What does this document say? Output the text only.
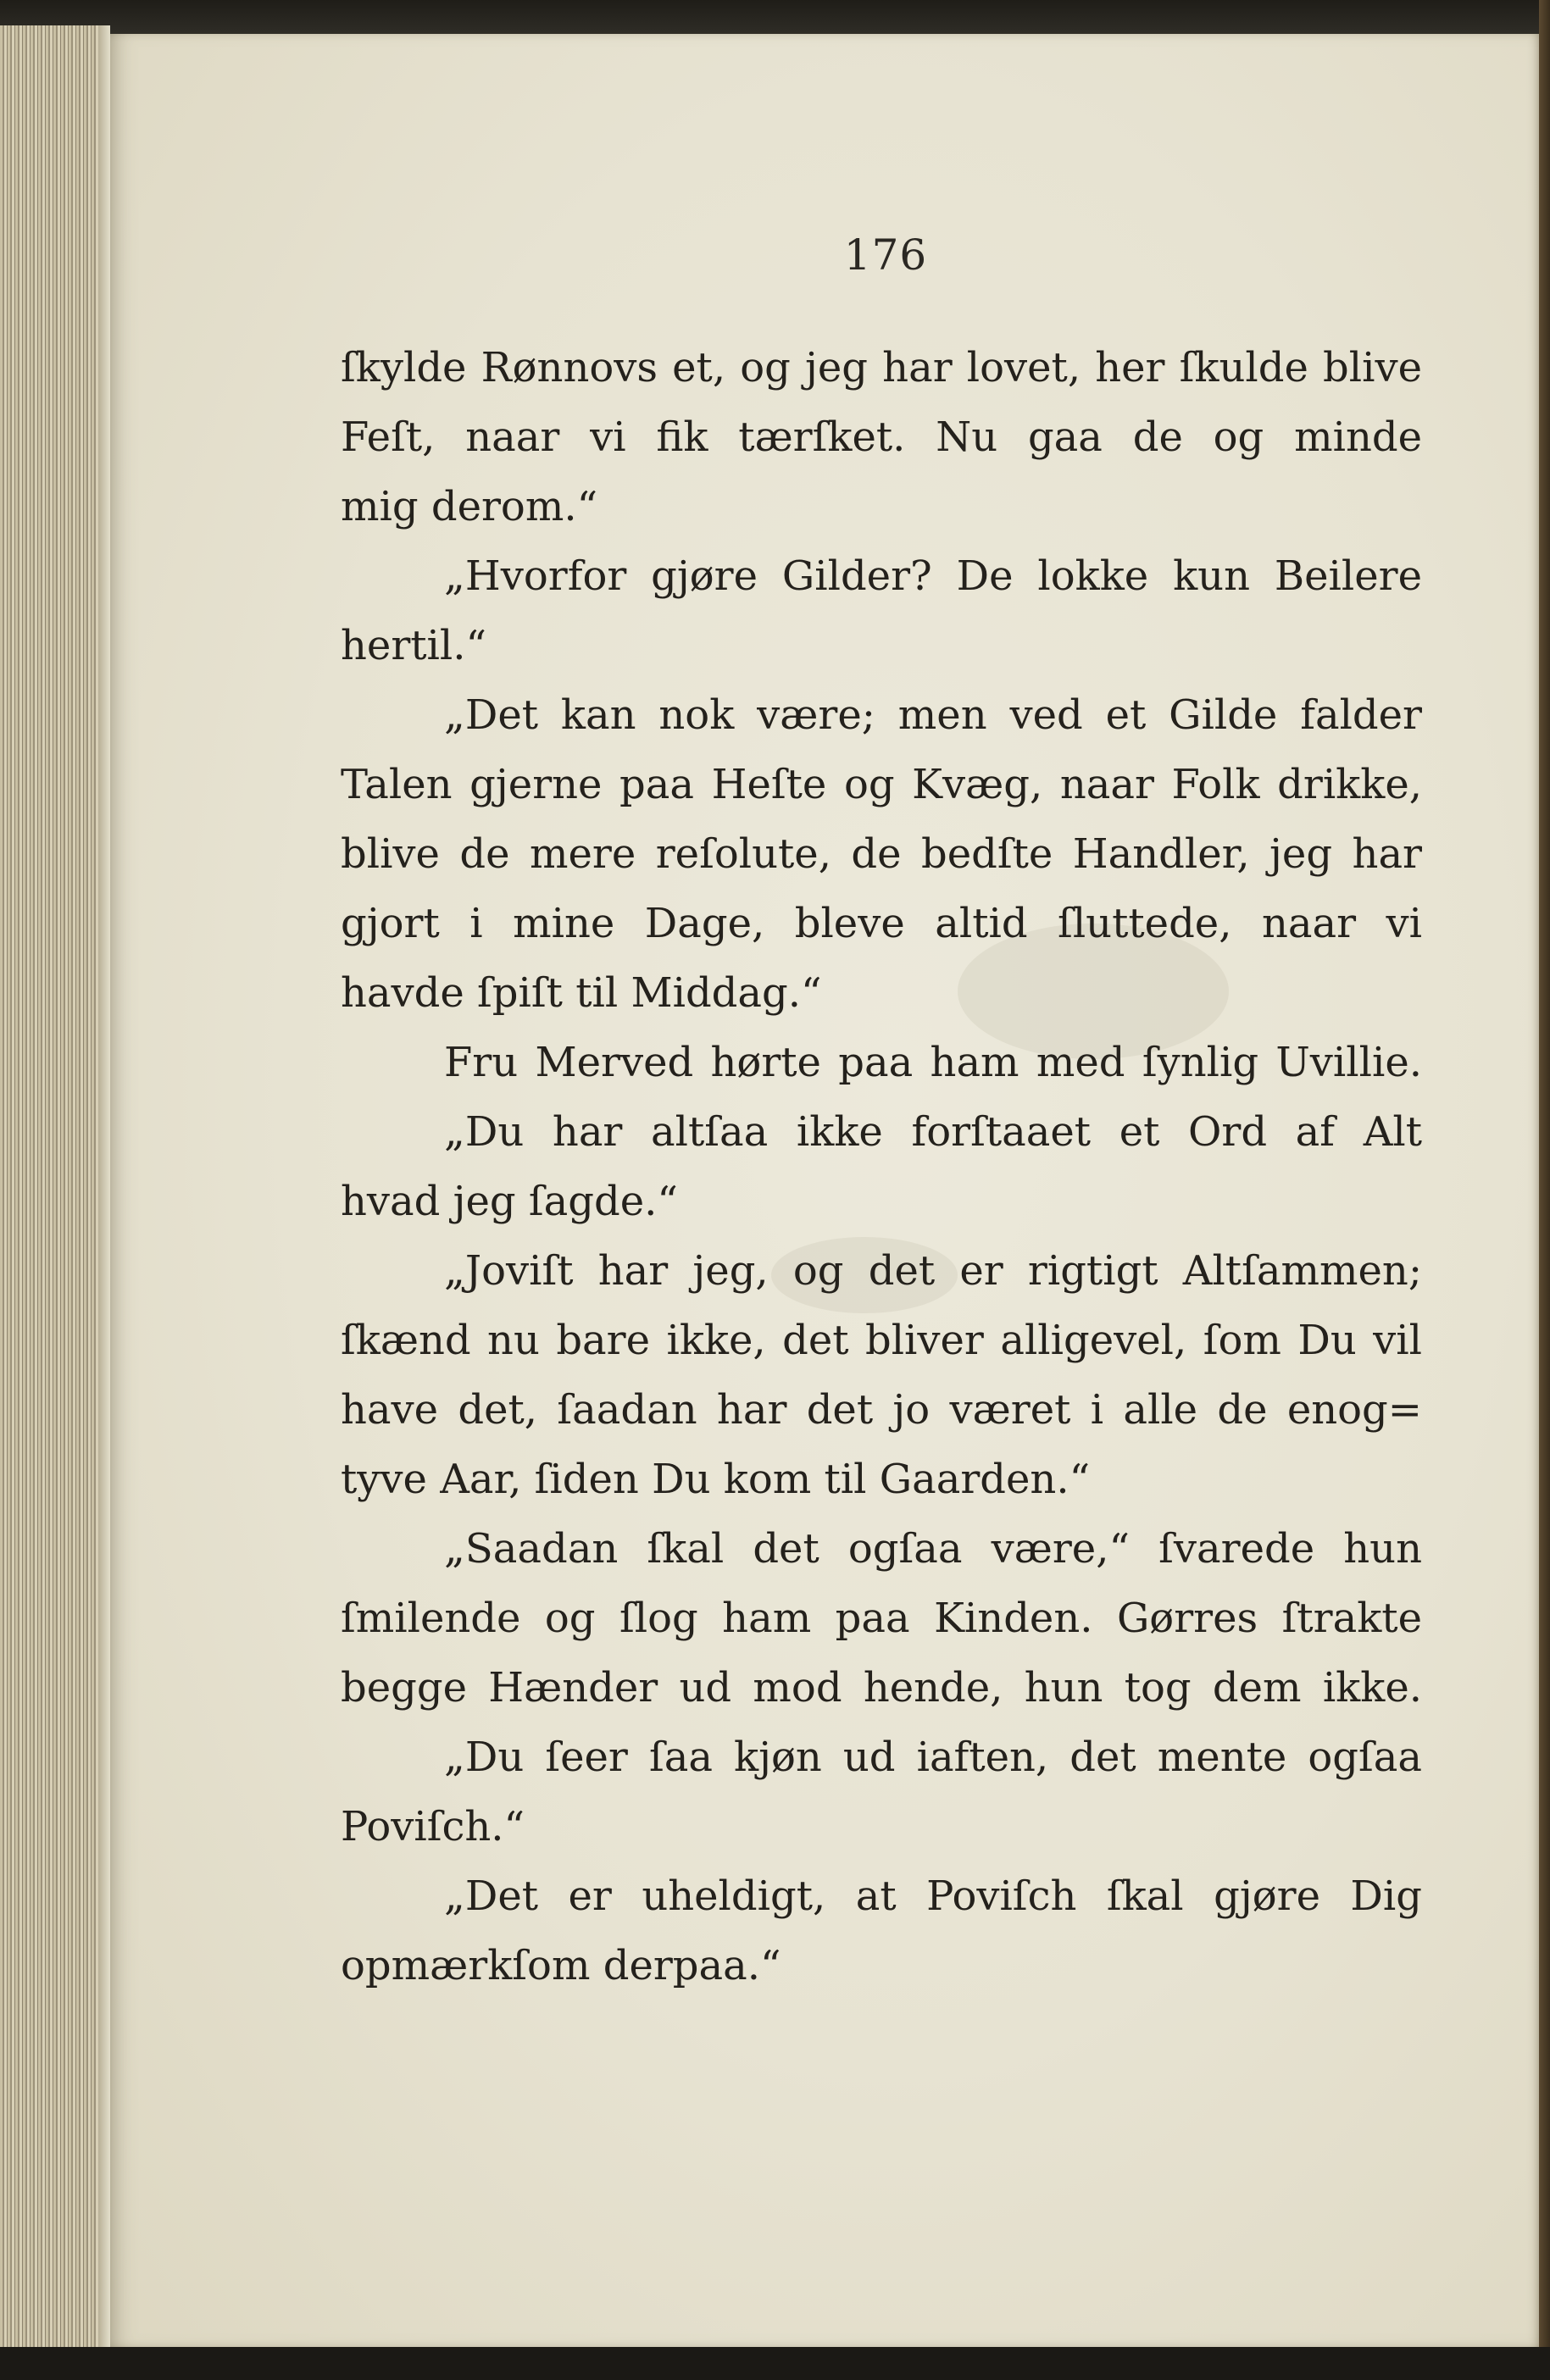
176
ſkylde Rønnovs et, og jeg har lovet, her ſkulde blive
Feſt, naar vi fik tærſket. Nu gaa de og minde
mig derom.“
„Hvorfor gjøre Gilder? De lokke kun Beilere
hertil.“
„Det kan nok være; men ved et Gilde falder
Talen gjerne paa Heſte og Kvæg, naar Folk drikke,
blive de mere reſolute, de bedſte Handler, jeg har
gjort i mine Dage, bleve altid ſluttede, naar vi
havde ſpiſt til Middag.“
Fru Merved hørte paa ham med ſynlig Uvillie.
„Du har altſaa ikke forſtaaet et Ord af Alt
hvad jeg ſagde.“
„Joviſt har jeg, og det er rigtigt Altſammen;
ſkænd nu bare ikke, det bliver alligevel, ſom Du vil
have det, ſaadan har det jo været i alle de enog=
tyve Aar, ſiden Du kom til Gaarden.“
„Saadan ſkal det ogſaa være,“ ſvarede hun
ſmilende og ſlog ham paa Kinden. Gørres ſtrakte
begge Hænder ud mod hende, hun tog dem ikke.
„Du ſeer ſaa kjøn ud iaften, det mente ogſaa
Poviſch.“
„Det er uheldigt, at Poviſch ſkal gjøre Dig
opmærkſom derpaa.“
